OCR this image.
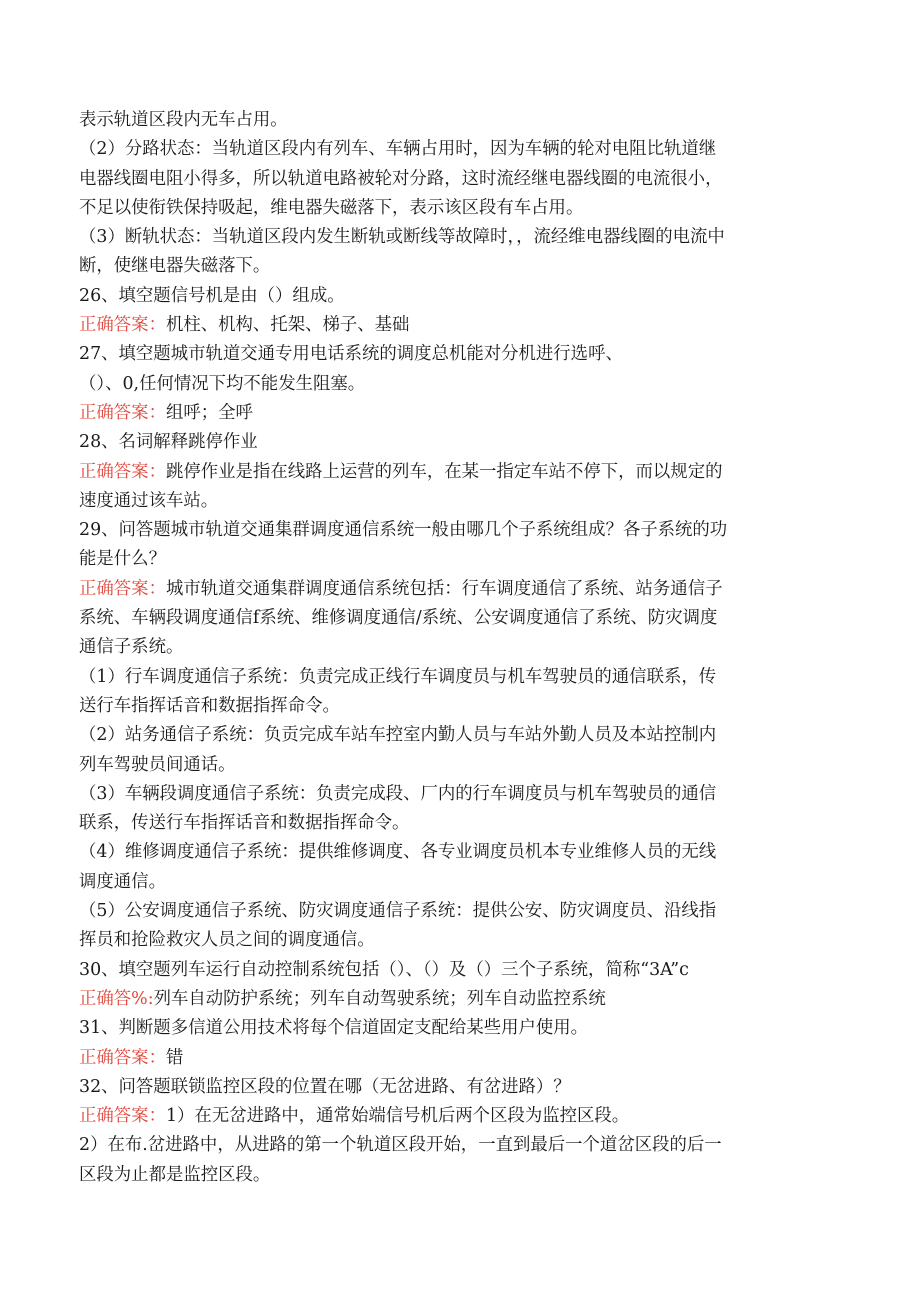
表示轨道区段内无车占用。
（2）分路状态：当轨道区段内有列车、车辆占用时，因为车辆的轮对电阻比轨道继
电器线圈电阻小得多，所以轨道电路被轮对分路，这时流经继电器线圈的电流很小，
不足以使衔铁保持吸起，维电器失磁落下，表示该区段有车占用。
（3）断轨状态：当轨道区段内发生断轨或断线等故障时，，流经维电器线圈的电流中
断，使继电器失磁落下。
26、填空题信号机是由（）组成。
正确答案：机柱、机构、托架、梯子、基础
27、填空题城市轨道交通专用电话系统的调度总机能对分机进行选呼、
（）、0,任何情况下均不能发生阻塞。
正确答案：组呼；全呼
28、名词解释跳停作业
正确答案：跳停作业是指在线路上运营的列车，在某一指定车站不停下，而以规定的
速度通过该车站。
29、问答题城市轨道交通集群调度通信系统一般由哪几个子系统组成？各子系统的功
能是什么？
正确答案：城市轨道交通集群调度通信系统包括：行车调度通信了系统、站务通信子
系统、车辆段调度通信f系统、维修调度通信/系统、公安调度通信了系统、防灾调度
通信子系统。
（1）行车调度通信子系统：负责完成正线行车调度员与机车驾驶员的通信联系，传
送行车指挥话音和数据指挥命令。
（2）站务通信子系统：负贡完成车站车控室内勤人员与车站外勤人员及本站控制内
列车驾驶员间通话。
（3）车辆段调度通信子系统：负责完成段、厂内的行车调度员与机车驾驶员的通信
联系，传送行车指挥话音和数据指挥命令。
（4）维修调度通信子系统：提供维修调度、各专业调度员机本专业维修人员的无线
调度通信。
（5）公安调度通信子系统、防灾调度通信子系统：提供公安、防灾调度员、沿线指
挥员和抢险救灾人员之间的调度通信。
30、填空题列车运行自动控制系统包括（）、（）及（）三个子系统，简称“3A”c
正确答%:列车自动防护系统；列车自动驾驶系统；列车自动监控系统
31、判断题多信道公用技术将每个信道固定支配给某些用户使用。
正确答案：错
32、问答题联锁监控区段的位置在哪（无岔进路、有岔进路）？
正确答案：1）在无岔进路中，通常始端信号机后两个区段为监控区段。
2）在布.岔进路中，从进路的第一个轨道区段开始，一直到最后一个道岔区段的后一
区段为止都是监控区段。
